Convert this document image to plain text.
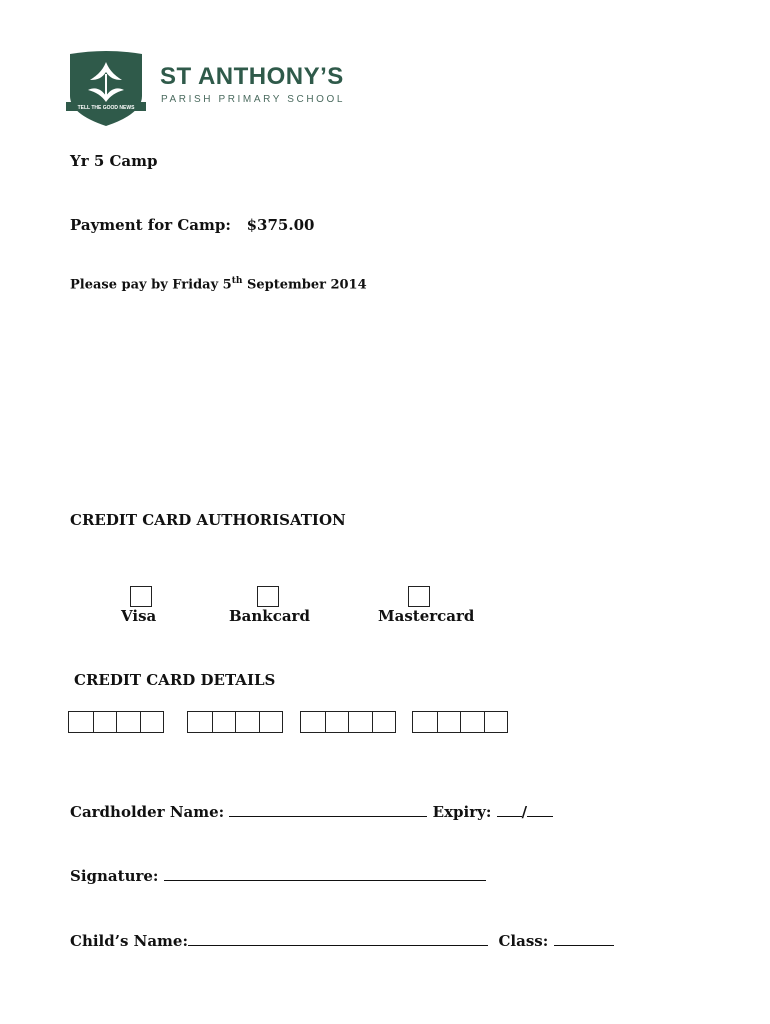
TELL THE GOOD NEWS
ST ANTHONY’S
PARISH PRIMARY SCHOOL
Yr 5 Camp
Payment for Camp: $375.00
Please pay by Friday 5th September 2014
CREDIT CARD AUTHORISATION
Visa	Bankcard	Mastercard
CREDIT CARD DETAILS
Cardholder Name:	Expiry: /
Signature:
Child’s Name:	Class:
